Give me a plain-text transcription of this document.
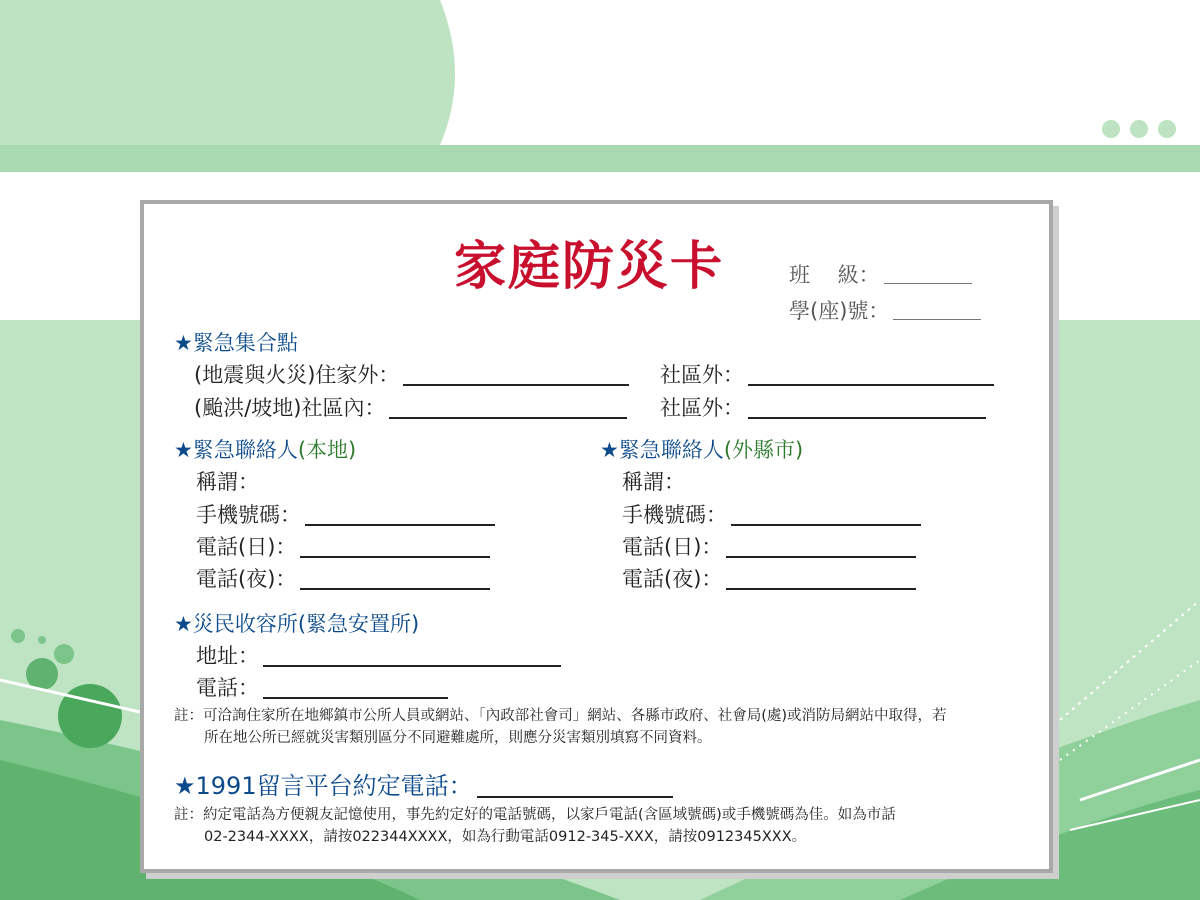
家庭防災卡	班　 級：
學(座)號：
★緊急集合點
(地震與火災)住家外：	社區外：
(颱洪/坡地)社區內：	社區外：
★緊急聯絡人(本地)
稱謂：
手機號碼：
電話(日)：
電話(夜)：
★緊急聯絡人(外縣市)
稱謂：
手機號碼：
電話(日)：
電話(夜)：
★災民收容所(緊急安置所)
地址：
電話：
註：可洽詢住家所在地鄉鎮市公所人員或網站、「內政部社會司」網站、各縣市政府、社會局(處)或消防局網站中取得，若
所在地公所已經就災害類別區分不同避難處所，則應分災害類別填寫不同資料。
★1991留言平台約定電話：
註：約定電話為方便親友記憶使用，事先約定好的電話號碼，以家戶電話(含區域號碼)或手機號碼為佳。如為市話
02-2344-XXXX，請按022344XXXX，如為行動電話0912-345-XXX，請按0912345XXX。
